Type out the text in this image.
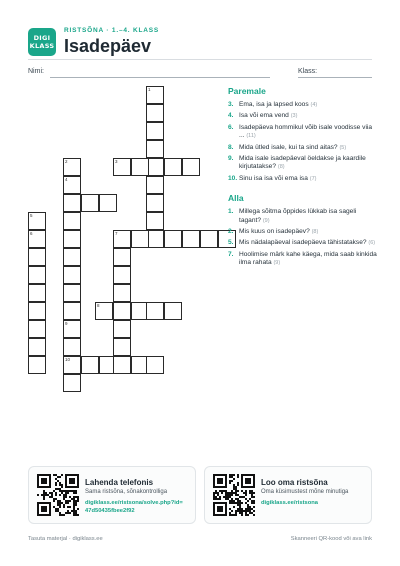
DIGI
KLASS
RISTSÕNA · 1.–4. KLASS
Isadepäev
Nimi:	Klass:
1
2	3
4
5
6	7
8
9
10
Paremale
3. Ema, isa ja lapsed koos (4)
4. Isa või ema vend (3)
6. Isadepäeva hommikul võib isale voodisse viia ... (11)
8. Mida ütled isale, kui ta sind aitas? (5)
9. Mida isale isadepäeval öeldakse ja kaardile kirjutatakse? (8)
10. Sinu isa isa või ema isa (7)
Alla
1. Millega sõitma õppides lükkab isa sageli tagant? (9)
2. Mis kuus on isadepäev? (8)
5. Mis nädalapäeval isadepäeva tähistatakse? (6)
7. Hoolimise märk kahe käega, mida saab kinkida ilma rahata (9)
Lahenda telefonis
Sama ristsõna, sõnakontrolliga
digiklass.ee/ristsona/solve.php?id=47d50435fbee2f92
Loo oma ristsõna
Oma küsimustest mõne minutiga
digiklass.ee/ristsona
Tasuta materjal · digiklass.ee	Skanneeri QR-kood või ava link
